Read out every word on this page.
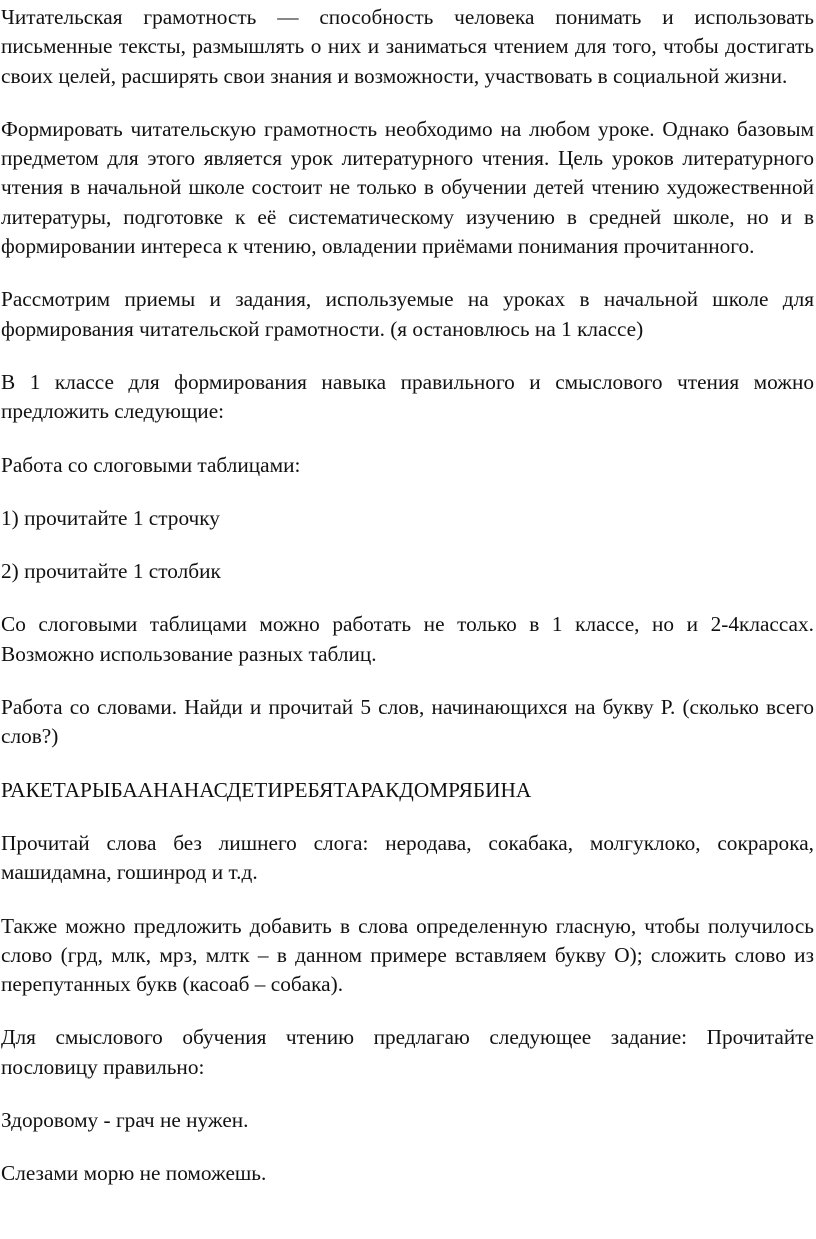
Читательская грамотность — способность человека понимать и использовать письменные тексты, размышлять о них и заниматься чтением для того, чтобы достигать своих целей, расширять свои знания и возможности, участвовать в социальной жизни.

Формировать читательскую грамотность необходимо на любом уроке. Однако базовым предметом для этого является урок литературного чтения. Цель уроков литературного чтения в начальной школе состоит не только в обучении детей чтению художественной литературы, подготовке к её систематическому изучению в средней школе, но и в формировании интереса к чтению, овладении приёмами понимания прочитанного.

Рассмотрим приемы и задания, используемые на уроках в начальной школе для формирования читательской грамотности. (я остановлюсь на 1 классе)

В 1 классе для формирования навыка правильного и смыслового чтения можно предложить следующие:

Работа со слоговыми таблицами:

1) прочитайте 1 строчку

2) прочитайте 1 столбик

Со слоговыми таблицами можно работать не только в 1 классе, но и 2-4классах. Возможно использование разных таблиц.

Работа со словами. Найди и прочитай 5 слов, начинающихся на букву Р. (сколько всего слов?)

РАКЕТАРЫБААНАНАСДЕТИРЕБЯТАРАКДОМРЯБИНА

Прочитай слова без лишнего слога: неродава, сокабака, молгуклоко, сокрарока, машидамна, гошинрод и т.д.

Также можно предложить добавить в слова определенную гласную, чтобы получилось слово (грд, млк, мрз, млтк – в данном примере вставляем букву О); сложить слово из перепутанных букв (касоаб – собака).

Для смыслового обучения чтению предлагаю следующее задание: Прочитайте пословицу правильно:

Здоровому - грач не нужен.

Слезами морю не поможешь.
